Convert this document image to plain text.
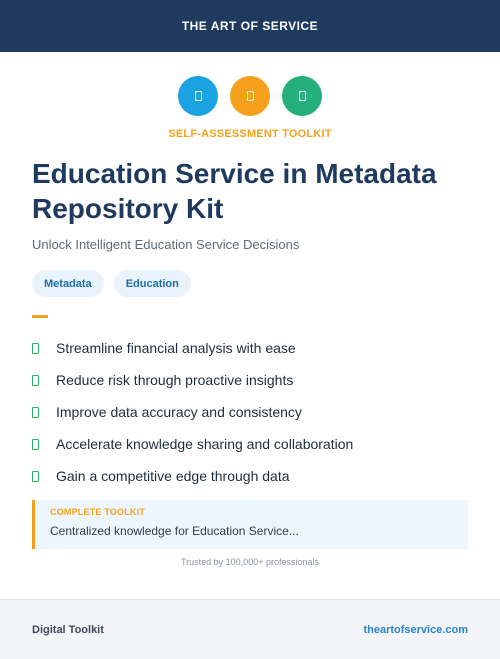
THE ART OF SERVICE
SELF-ASSESSMENT TOOLKIT
Education Service in Metadata Repository Kit
Unlock Intelligent Education Service Decisions
Metadata	Education
Streamline financial analysis with ease
Reduce risk through proactive insights
Improve data accuracy and consistency
Accelerate knowledge sharing and collaboration
Gain a competitive edge through data
COMPLETE TOOLKIT
Centralized knowledge for Education Service...
Trusted by 100,000+ professionals
Digital Toolkit	theartofservice.com
